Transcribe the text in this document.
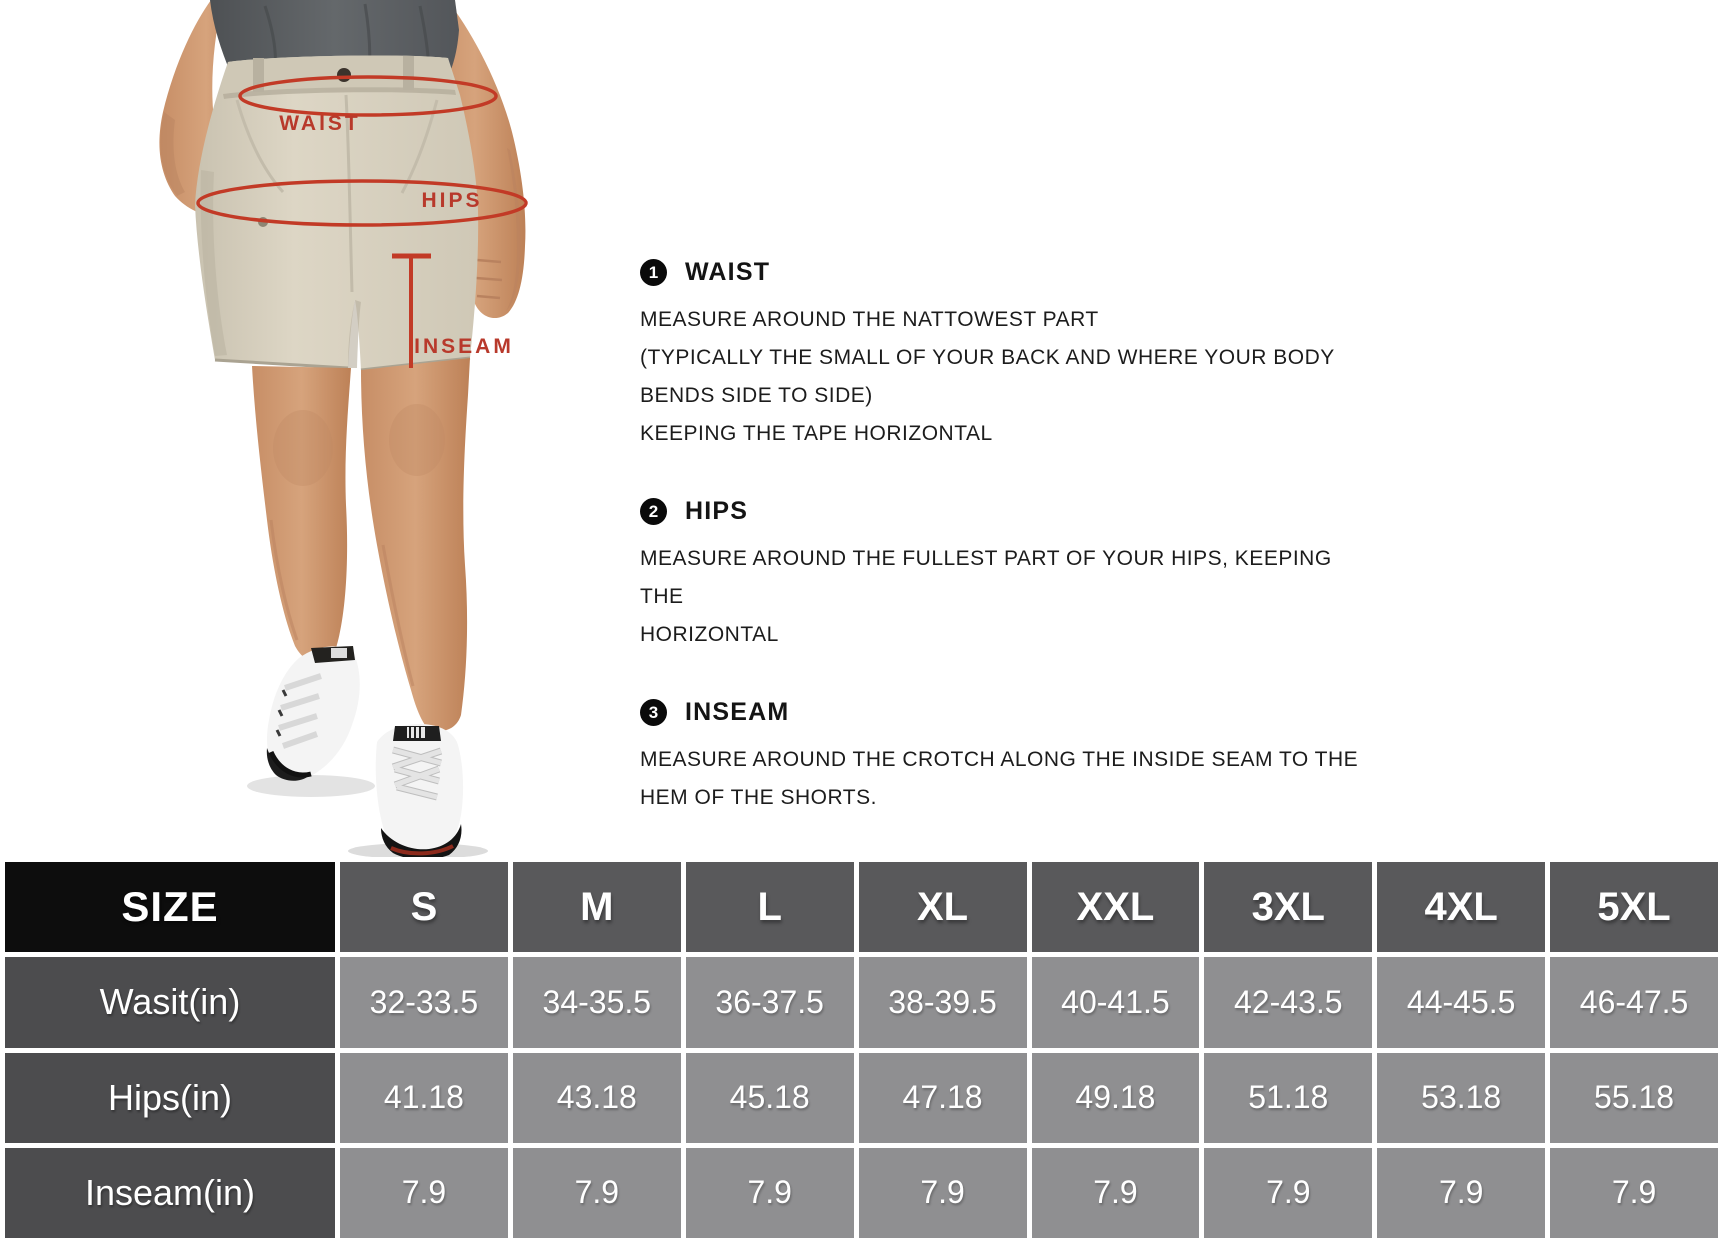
WAIST
HIPS
INSEAM
1	WAIST

MEASURE AROUND THE NATTOWEST PART

(TYPICALLY THE SMALL OF YOUR BACK AND WHERE YOUR BODY

BENDS SIDE TO SIDE)

KEEPING THE TAPE HORIZONTAL

2	HIPS

MEASURE AROUND THE FULLEST PART OF YOUR HIPS, KEEPING THE

HORIZONTAL

3	INSEAM

MEASURE AROUND THE CROTCH ALONG THE INSIDE SEAM TO THE

HEM OF THE SHORTS.

SIZE	S	M	L	XL	XXL	3XL	4XL	5XL
Wasit(in)	32-33.5	34-35.5	36-37.5	38-39.5	40-41.5	42-43.5	44-45.5	46-47.5
Hips(in)	41.18	43.18	45.18	47.18	49.18	51.18	53.18	55.18
Inseam(in)	7.9	7.9	7.9	7.9	7.9	7.9	7.9	7.9
